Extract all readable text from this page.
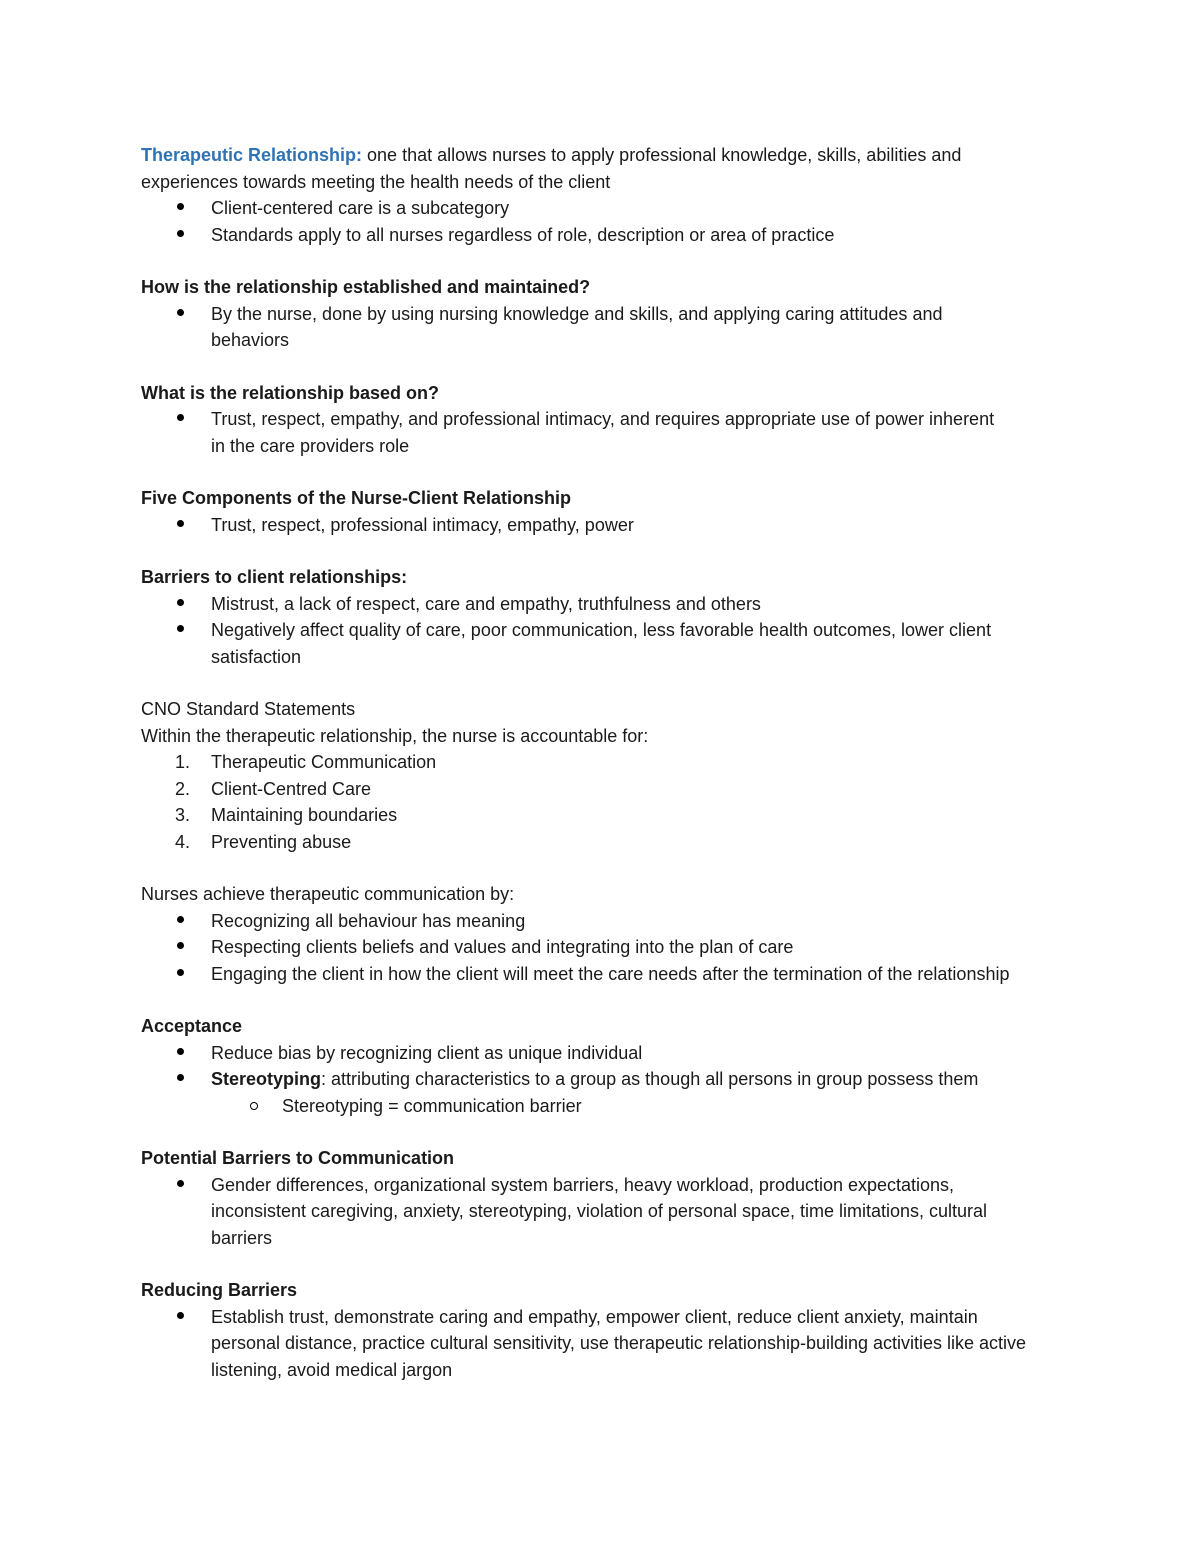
Therapeutic Relationship: one that allows nurses to apply professional knowledge, skills, abilities and experiences towards meeting the health needs of the client
Client-centered care is a subcategory
Standards apply to all nurses regardless of role, description or area of practice
How is the relationship established and maintained?
By the nurse, done by using nursing knowledge and skills, and applying caring attitudes and behaviors
What is the relationship based on?
Trust, respect, empathy, and professional intimacy, and requires appropriate use of power inherent in the care providers role
Five Components of the Nurse-Client Relationship
Trust, respect, professional intimacy, empathy, power
Barriers to client relationships:
Mistrust, a lack of respect, care and empathy, truthfulness and others
Negatively affect quality of care, poor communication, less favorable health outcomes, lower client satisfaction
CNO Standard Statements
Within the therapeutic relationship, the nurse is accountable for:
1. Therapeutic Communication
2. Client-Centred Care
3. Maintaining boundaries
4. Preventing abuse
Nurses achieve therapeutic communication by:
Recognizing all behaviour has meaning
Respecting clients beliefs and values and integrating into the plan of care
Engaging the client in how the client will meet the care needs after the termination of the relationship
Acceptance
Reduce bias by recognizing client as unique individual
Stereotyping: attributing characteristics to a group as though all persons in group possess them
Stereotyping = communication barrier
Potential Barriers to Communication
Gender differences, organizational system barriers, heavy workload, production expectations, inconsistent caregiving, anxiety, stereotyping, violation of personal space, time limitations, cultural barriers
Reducing Barriers
Establish trust, demonstrate caring and empathy, empower client, reduce client anxiety, maintain personal distance, practice cultural sensitivity, use therapeutic relationship-building activities like active listening, avoid medical jargon
